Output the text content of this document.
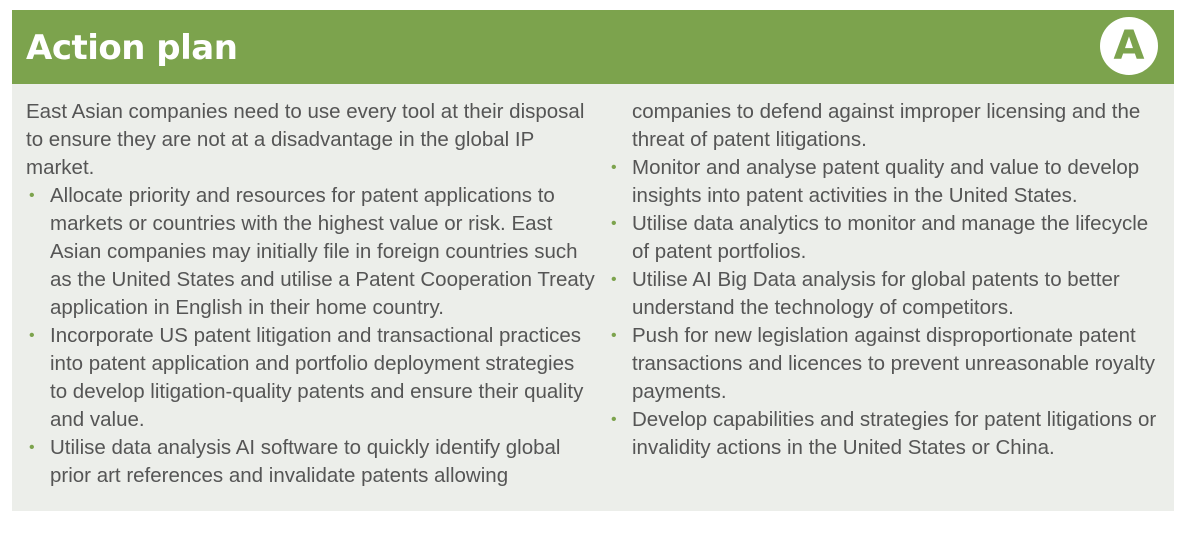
Action plan	A

East Asian companies need to use every tool at their disposal to ensure they are not at a disadvantage in the global IP market.

• Allocate priority and resources for patent applications to markets or countries with the highest value or risk. East Asian companies may initially file in foreign countries such as the United States and utilise a Patent Cooperation Treaty application in English in their home country.
• Incorporate US patent litigation and transactional practices into patent application and portfolio deployment strategies to develop litigation-quality patents and ensure their quality and value.
• Utilise data analysis AI software to quickly identify global prior art references and invalidate patents allowing

companies to defend against improper licensing and the threat of patent litigations.

• Monitor and analyse patent quality and value to develop insights into patent activities in the United States.
• Utilise data analytics to monitor and manage the lifecycle of patent portfolios.
• Utilise AI Big Data analysis for global patents to better understand the technology of competitors.
• Push for new legislation against disproportionate patent transactions and licences to prevent unreasonable royalty payments.
• Develop capabilities and strategies for patent litigations or invalidity actions in the United States or China.
